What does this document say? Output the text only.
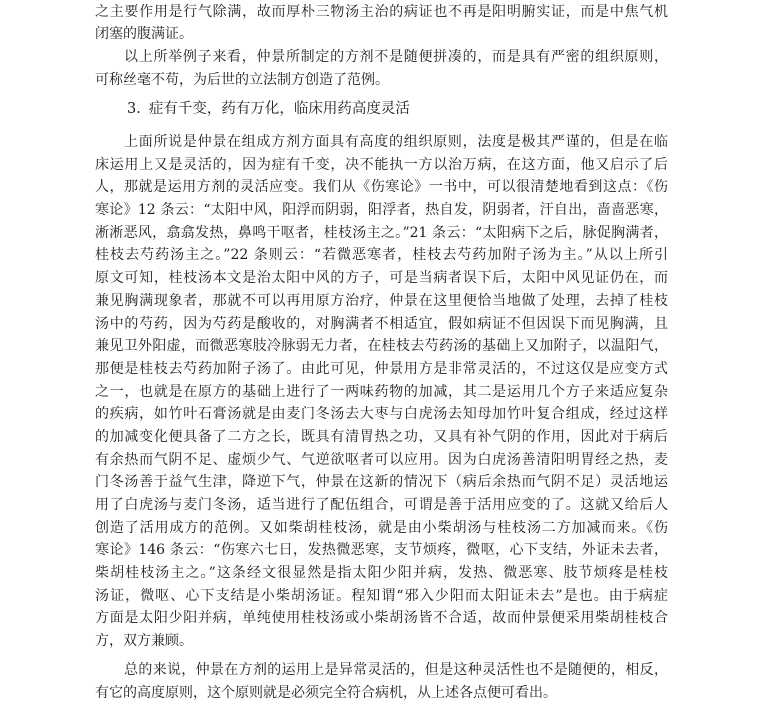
之主要作用是行气除满，故而厚朴三物汤主治的病证也不再是阳明腑实证，而是中焦气机
闭塞的腹满证。
以上所举例子来看，仲景所制定的方剂不是随便拼凑的，而是具有严密的组织原则，
可称丝毫不苟，为后世的立法制方创造了范例。
3. 症有千变，药有万化，临床用药高度灵活
上面所说是仲景在组成方剂方面具有高度的组织原则，法度是极其严谨的，但是在临
床运用上又是灵活的，因为症有千变，决不能执一方以治万病，在这方面，他又启示了后
人，那就是运用方剂的灵活应变。我们从《伤寒论》一书中，可以很清楚地看到这点：《伤
寒论》12 条云：“太阳中风，阳浮而阴弱，阳浮者，热自发，阴弱者，汗自出，啬啬恶寒，
淅淅恶风，翕翕发热，鼻鸣干呕者，桂枝汤主之。”21 条云：“太阳病下之后，脉促胸满者，
桂枝去芍药汤主之。”22 条则云：“若微恶寒者，桂枝去芍药加附子汤为主。”从以上所引
原文可知，桂枝汤本文是治太阳中风的方子，可是当病者误下后，太阳中风见证仍在，而
兼见胸满现象者，那就不可以再用原方治疗，仲景在这里便恰当地做了处理，去掉了桂枝
汤中的芍药，因为芍药是酸收的，对胸满者不相适宜，假如病证不但因误下而见胸满，且
兼见卫外阳虚，而微恶寒肢冷脉弱无力者，在桂枝去芍药汤的基础上又加附子，以温阳气，
那便是桂枝去芍药加附子汤了。由此可见，仲景用方是非常灵活的，不过这仅是应变方式
之一，也就是在原方的基础上进行了一两味药物的加减，其二是运用几个方子来适应复杂
的疾病，如竹叶石膏汤就是由麦门冬汤去大枣与白虎汤去知母加竹叶复合组成，经过这样
的加减变化便具备了二方之长，既具有清胃热之功，又具有补气阴的作用，因此对于病后
有余热而气阴不足、虚烦少气、气逆欲呕者可以应用。因为白虎汤善清阳明胃经之热，麦
门冬汤善于益气生津，降逆下气，仲景在这新的情况下（病后余热而气阴不足）灵活地运
用了白虎汤与麦门冬汤，适当进行了配伍组合，可谓是善于活用应变的了。这就又给后人
创造了活用成方的范例。又如柴胡桂枝汤，就是由小柴胡汤与桂枝汤二方加减而来。《伤
寒论》146 条云：“伤寒六七日，发热微恶寒，支节烦疼，微呕，心下支结，外证未去者，
柴胡桂枝汤主之。”这条经文很显然是指太阳少阳并病，发热、微恶寒、肢节烦疼是桂枝
汤证，微呕、心下支结是小柴胡汤证。程知谓“邪入少阳而太阳证未去”是也。由于病症
方面是太阳少阳并病，单纯使用桂枝汤或小柴胡汤皆不合适，故而仲景便采用柴胡桂枝合
方，双方兼顾。
总的来说，仲景在方剂的运用上是异常灵活的，但是这种灵活性也不是随便的，相反，
有它的高度原则，这个原则就是必须完全符合病机，从上述各点便可看出。
